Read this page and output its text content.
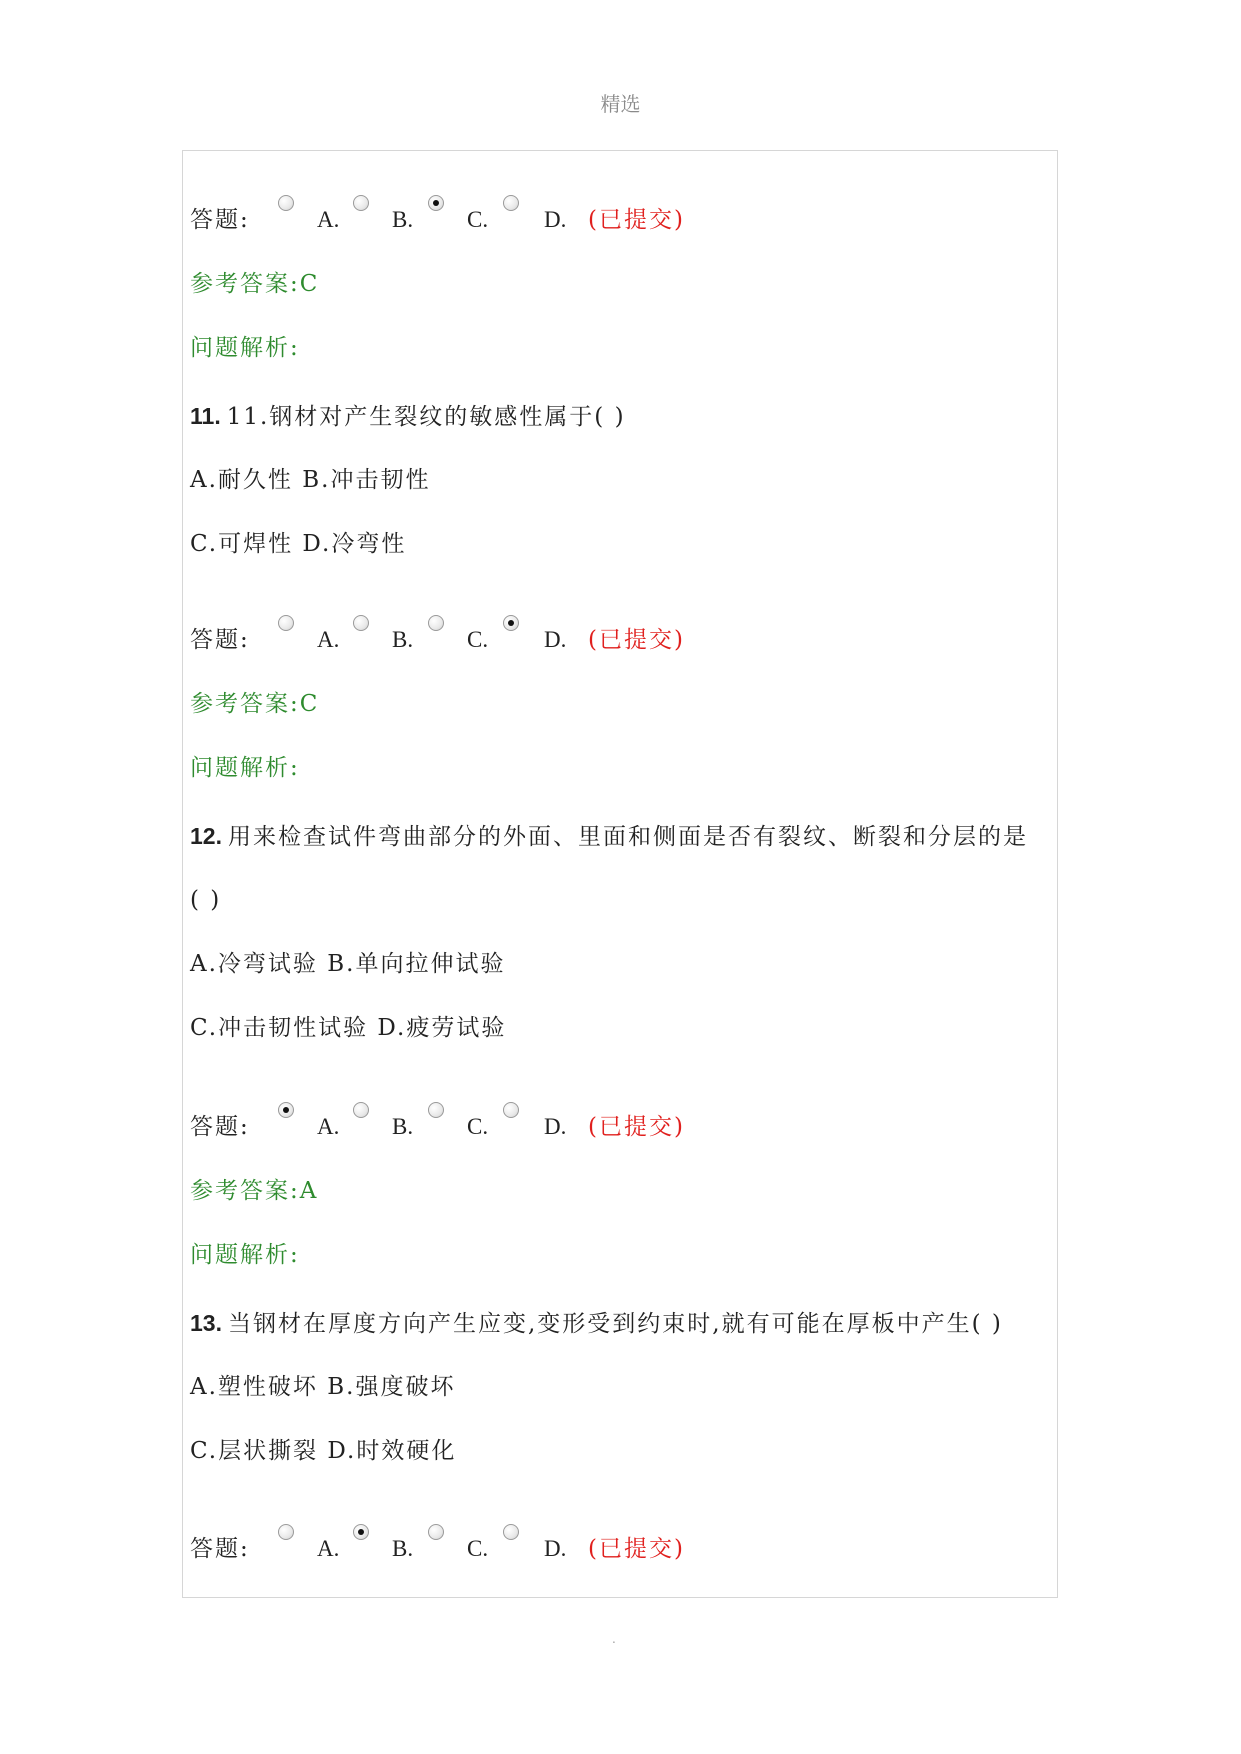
精选
答题:	A. B. C. D. (已提交)
参考答案:C
问题解析:
11. 11.钢材对产生裂纹的敏感性属于( )
A.耐久性 B.冲击韧性
C.可焊性 D.冷弯性
答题:	A. B. C. D. (已提交)
参考答案:C
问题解析:
12. 用来检查试件弯曲部分的外面、里面和侧面是否有裂纹、断裂和分层的是
( )
A.冷弯试验 B.单向拉伸试验
C.冲击韧性试验 D.疲劳试验
答题:	A. B. C. D. (已提交)
参考答案:A
问题解析:
13. 当钢材在厚度方向产生应变,变形受到约束时,就有可能在厚板中产生( )
A.塑性破坏 B.强度破坏
C.层状撕裂 D.时效硬化
答题:	A. B. C. D. (已提交)
.
